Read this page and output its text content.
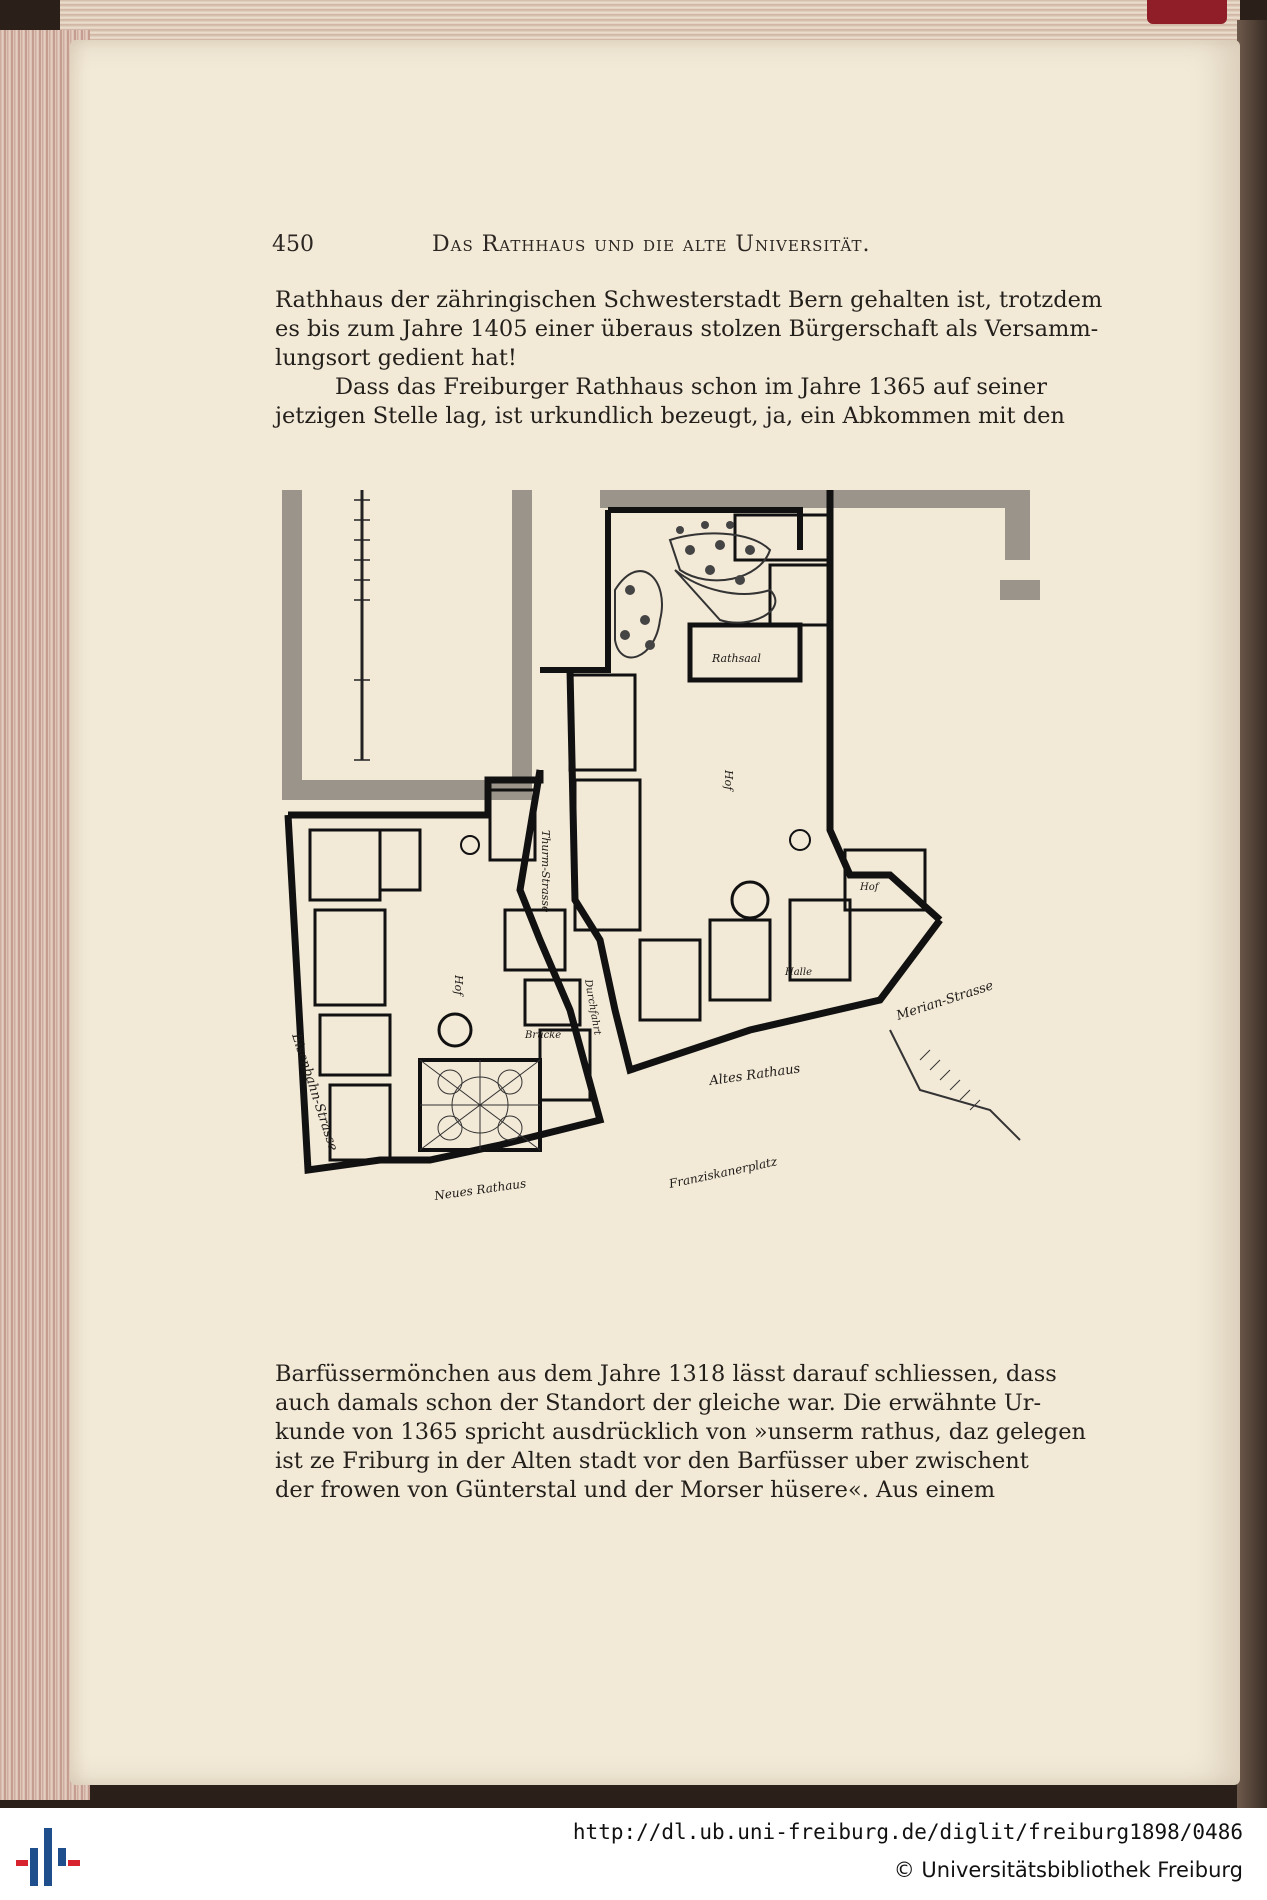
450	Das Rathhaus und die alte Universität.

Rathhaus der zähringischen Schwesterstadt Bern gehalten ist, trotzdem

es bis zum Jahre 1405 einer überaus stolzen Bürgerschaft als Versamm-

lungsort gedient hat!

Dass das Freiburger Rathhaus schon im Jahre 1365 auf seiner

jetzigen Stelle lag, ist urkundlich bezeugt, ja, ein Abkommen mit den

Eisenbahn-Strasse
Thurm-Strasse
Merian-Strasse
Neues Rathaus
Altes Rathaus
Franziskanerplatz
Rathsaal
Hof
Hof
Hof
Halle
Brücke Durchfahrt

Barfüssermönchen aus dem Jahre 1318 lässt darauf schliessen, dass

auch damals schon der Standort der gleiche war. Die erwähnte Ur-

kunde von 1365 spricht ausdrücklich von »unserm rathus, daz gelegen

ist ze Friburg in der Alten stadt vor den Barfüsser uber zwischent

der frowen von Günterstal und der Morser hüsere«. Aus einem

http://dl.ub.uni-freiburg.de/diglit/freiburg1898/0486
© Universitätsbibliothek Freiburg
